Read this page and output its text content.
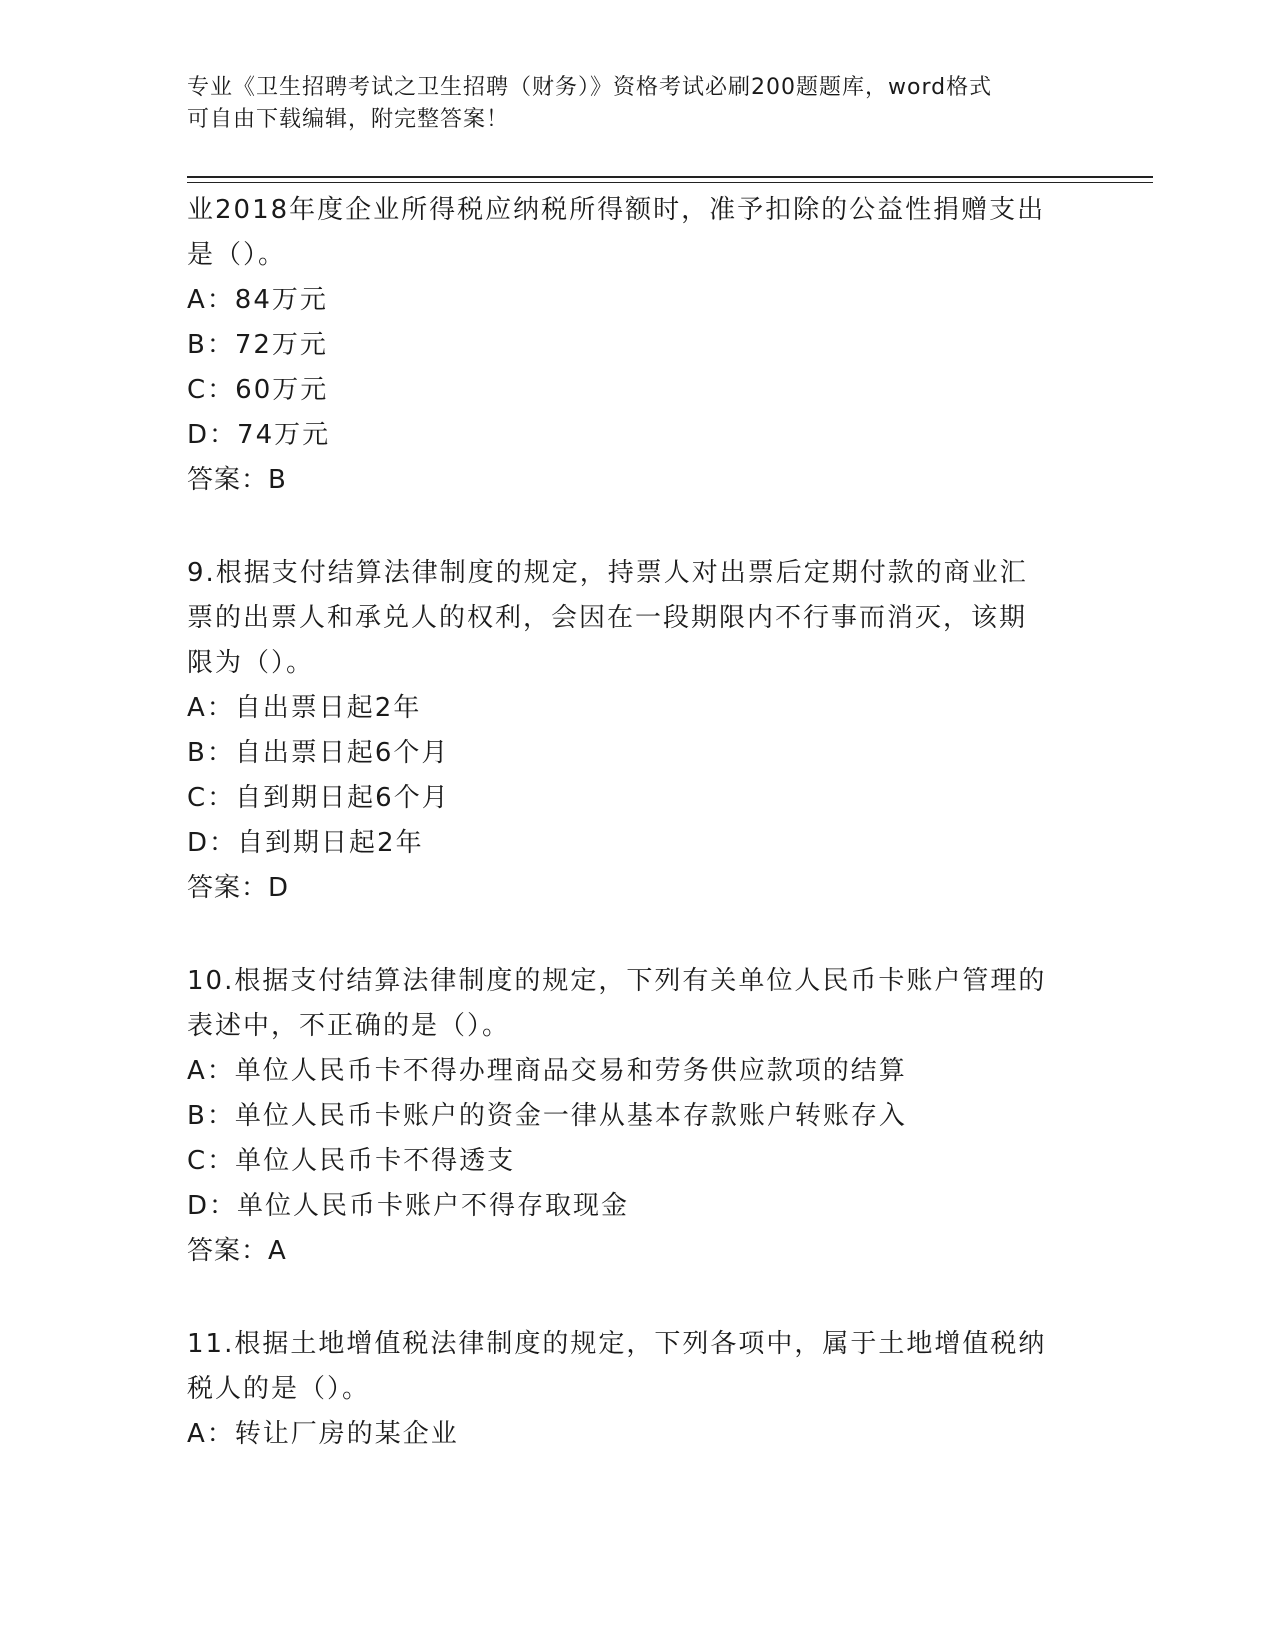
专业《卫生招聘考试之卫生招聘（财务）》资格考试必刷200题题库，word格式
可自由下载编辑，附完整答案！
业2018年度企业所得税应纳税所得额时，准予扣除的公益性捐赠支出
是（）。
A：84万元
B：72万元
C：60万元
D：74万元
答案：B
9.根据支付结算法律制度的规定，持票人对出票后定期付款的商业汇
票的出票人和承兑人的权利，会因在一段期限内不行事而消灭，该期
限为（）。
A：自出票日起2年
B：自出票日起6个月
C：自到期日起6个月
D：自到期日起2年
答案：D
10.根据支付结算法律制度的规定，下列有关单位人民币卡账户管理的
表述中，不正确的是（）。
A：单位人民币卡不得办理商品交易和劳务供应款项的结算
B：单位人民币卡账户的资金一律从基本存款账户转账存入
C：单位人民币卡不得透支
D：单位人民币卡账户不得存取现金
答案：A
11.根据土地增值税法律制度的规定，下列各项中，属于土地增值税纳
税人的是（）。
A：转让厂房的某企业
